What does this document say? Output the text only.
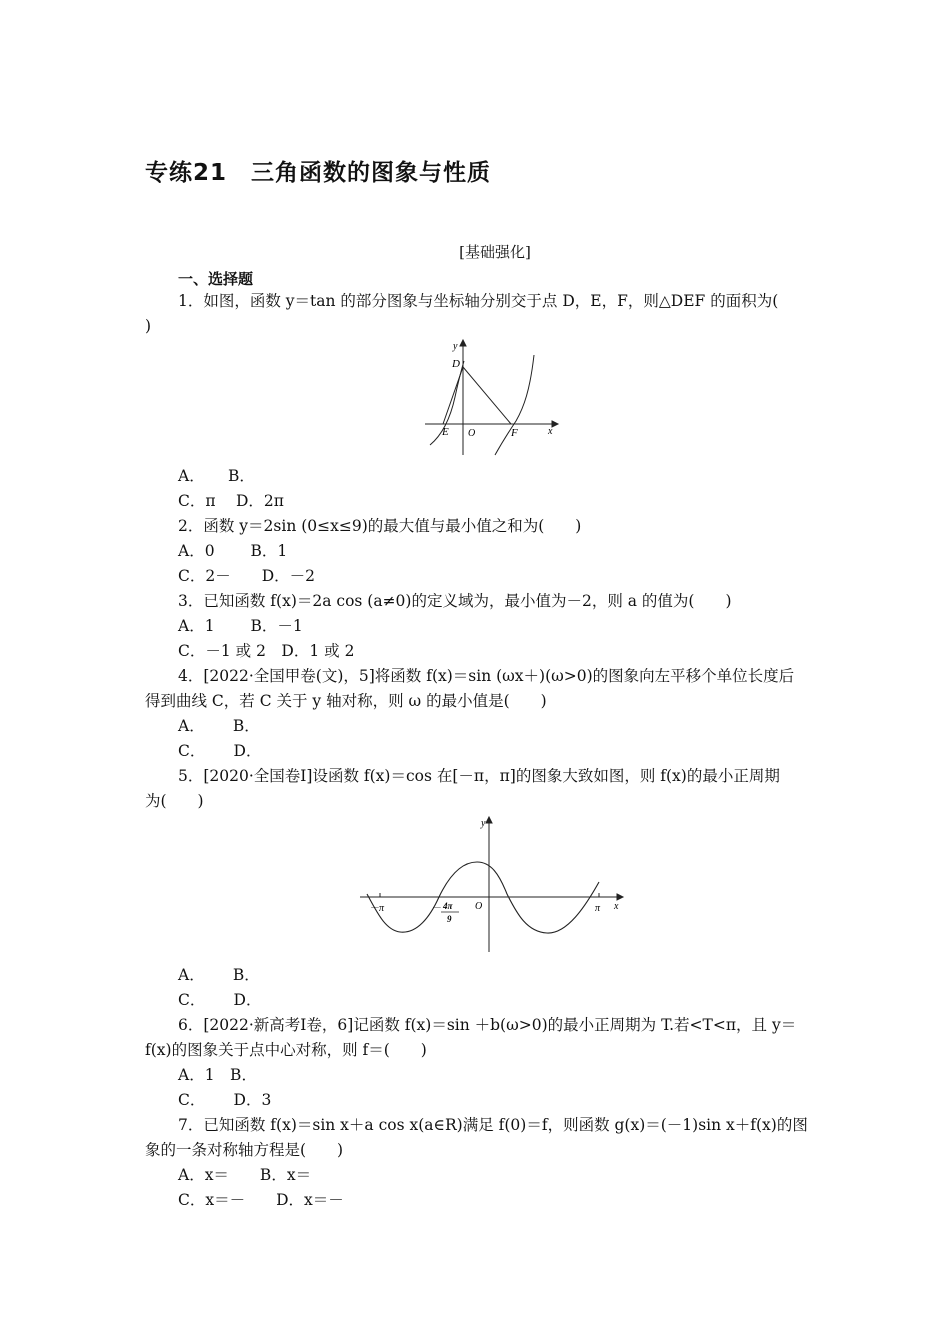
专练21　三角函数的图象与性质
[基础强化]
一、选择题
1．如图，函数 y＝tan 的部分图象与坐标轴分别交于点 D，E，F，则△DEF 的面积为(
)
y
x
D
E O	F
A．　　B．
C．π　 D．2π
2．函数 y＝2sin (0≤x≤9)的最大值与最小值之和为(　　)
A．0　　 B．1
C．2－　　D．－2
3．已知函数 f(x)＝2a cos (a≠0)的定义域为，最小值为－2，则 a 的值为(　　)
A．1　　 B．－1
C．－1 或 2　D．1 或 2
4．[2022·全国甲卷(文)，5]将函数 f(x)＝sin (ωx＋)(ω>0)的图象向左平移个单位长度后
得到曲线 C，若 C 关于 y 轴对称，则 ω 的最小值是(　　)
A．　　 B．
C．　　 D．
5．[2020·全国卷Ⅰ]设函数 f(x)＝cos 在[－π，π]的图象大致如图，则 f(x)的最小正周期
为(　　)
y
x
O
－π	π
－ 4π
9
A．　　 B．
C．　　 D．
6．[2022·新高考Ⅰ卷，6]记函数 f(x)＝sin ＋b(ω>0)的最小正周期为 T.若<T<π，且 y＝
f(x)的图象关于点中心对称，则 f＝(　　)
A．1　B．
C．　　 D．3
7．已知函数 f(x)＝sin x＋a cos x(a∈R)满足 f(0)＝f，则函数 g(x)＝(－1)sin x＋f(x)的图
象的一条对称轴方程是(　　)
A．x＝　　B．x＝
C．x＝－　　D．x＝－
